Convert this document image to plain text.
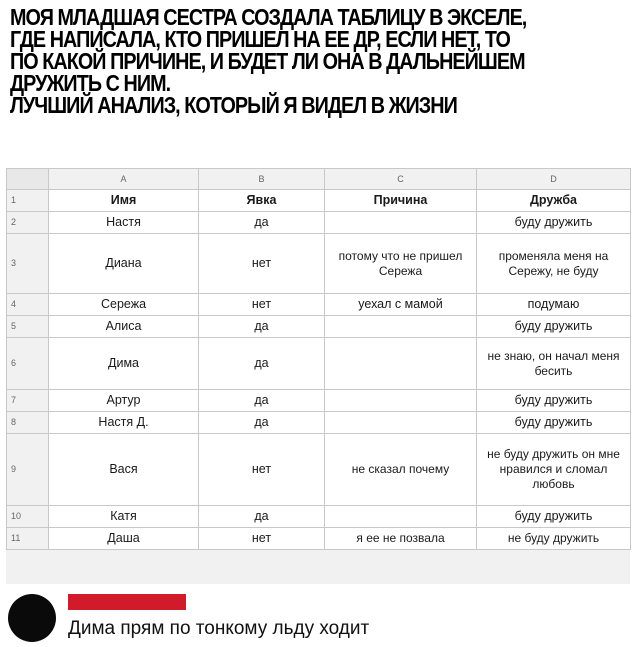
МОЯ МЛАДШАЯ СЕСТРА СОЗДАЛА ТАБЛИЦУ В ЭКСЕЛЕ,
ГДЕ НАПИСАЛА, КТО ПРИШЕЛ НА ЕЕ ДР, ЕСЛИ НЕТ, ТО
ПО КАКОЙ ПРИЧИНЕ, И БУДЕТ ЛИ ОНА В ДАЛЬНЕЙШЕМ
ДРУЖИТЬ С НИМ.
ЛУЧШИЙ АНАЛИЗ, КОТОРЫЙ Я ВИДЕЛ В ЖИЗНИ
	A	B	C	D
1	Имя	Явка	Причина	Дружба
2	Настя	да		буду дружить
3	Диана	нет	потому что не пришел Сережа	променяла меня на Сережу, не буду
4	Сережа	нет	уехал с мамой	подумаю
5	Алиса	да		буду дружить
6	Дима	да		не знаю, он начал меня бесить
7	Артур	да		буду дружить
8	Настя Д.	да		буду дружить
9	Вася	нет	не сказал почему	не буду дружить он мне нравился и сломал любовь
10	Катя	да		буду дружить
11	Даша	нет	я ее не позвала	не буду дружить
Дима прям по тонкому льду ходит
